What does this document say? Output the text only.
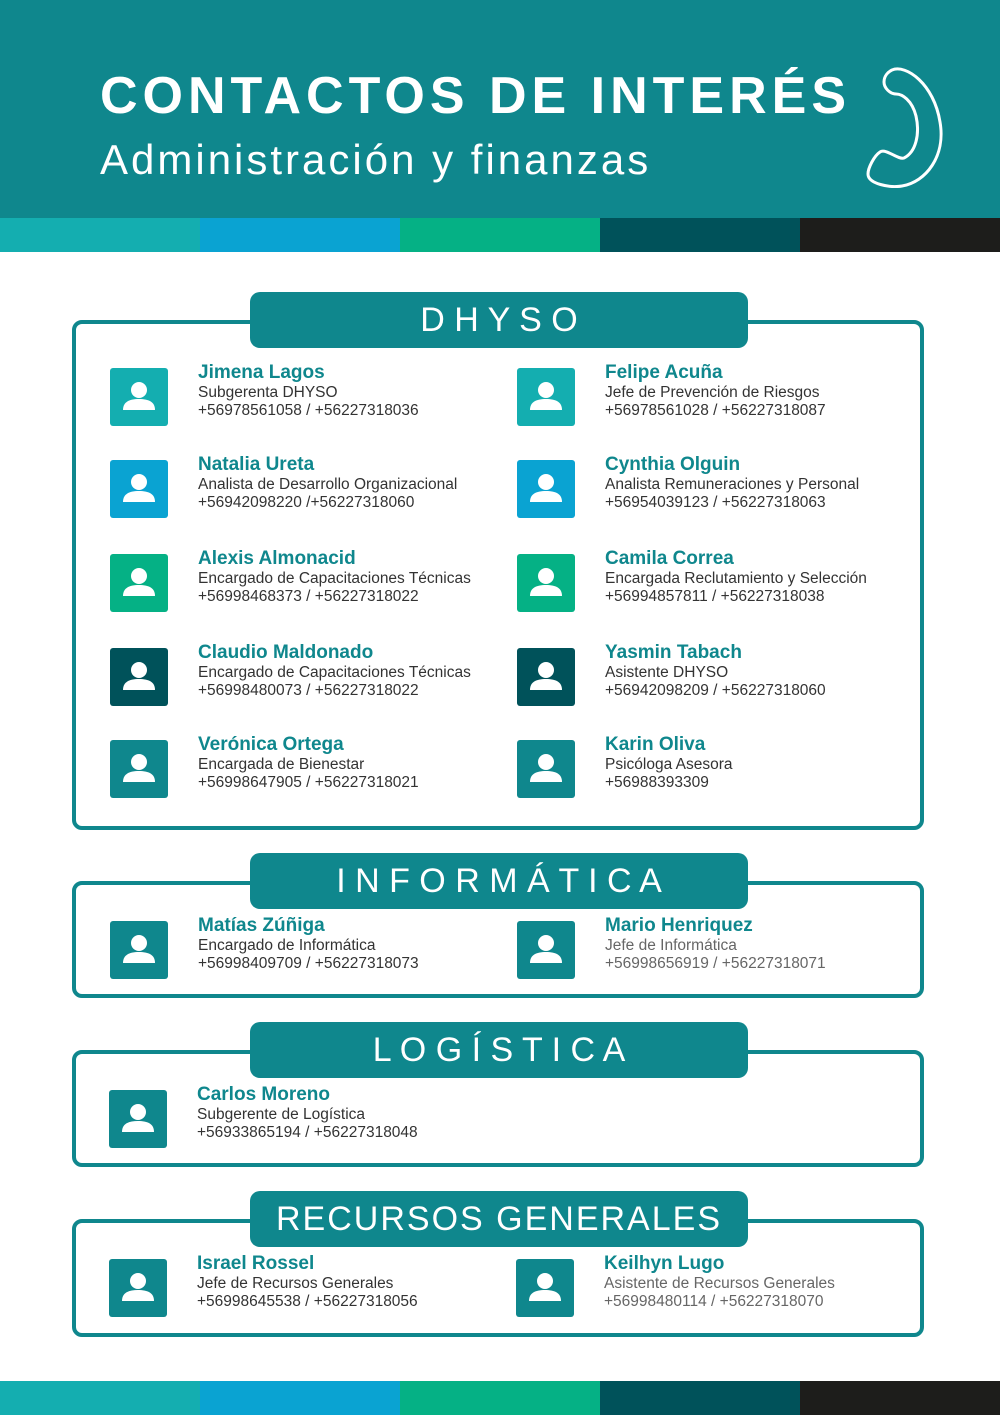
CONTACTOS DE INTERÉS
Administración y finanzas
D H Y S O
Jimena Lagos
Subgerenta DHYSO
+56978561058 / +56227318036
Felipe Acuña
Jefe de Prevención de Riesgos
+56978561028 / +56227318087
Natalia Ureta
Analista de Desarrollo Organizacional
+56942098220 /+56227318060
Cynthia Olguin
Analista Remuneraciones y Personal
+56954039123 / +56227318063
Alexis Almonacid
Encargado de Capacitaciones Técnicas
+56998468373 / +56227318022
Camila Correa
Encargada Reclutamiento y Selección
+56994857811 / +56227318038
Claudio Maldonado
Encargado de Capacitaciones Técnicas
+56998480073 / +56227318022
Yasmin Tabach
Asistente DHYSO
+56942098209 / +56227318060
Verónica Ortega
Encargada de Bienestar
+56998647905 / +56227318021
Karin Oliva
Psicóloga Asesora
+56988393309
I N F O R M Á T I C A
Matías Zúñiga
Encargado de Informática
+56998409709 / +56227318073
Mario Henriquez
Jefe de Informática
+56998656919 / +56227318071
L O G Í S T I C A
Carlos Moreno
Subgerente de Logística
+56933865194 / +56227318048
RECURSOS GENERALES
Israel Rossel
Jefe de Recursos Generales
+56998645538 / +56227318056
Keilhyn Lugo
Asistente de Recursos Generales
+56998480114 / +56227318070
